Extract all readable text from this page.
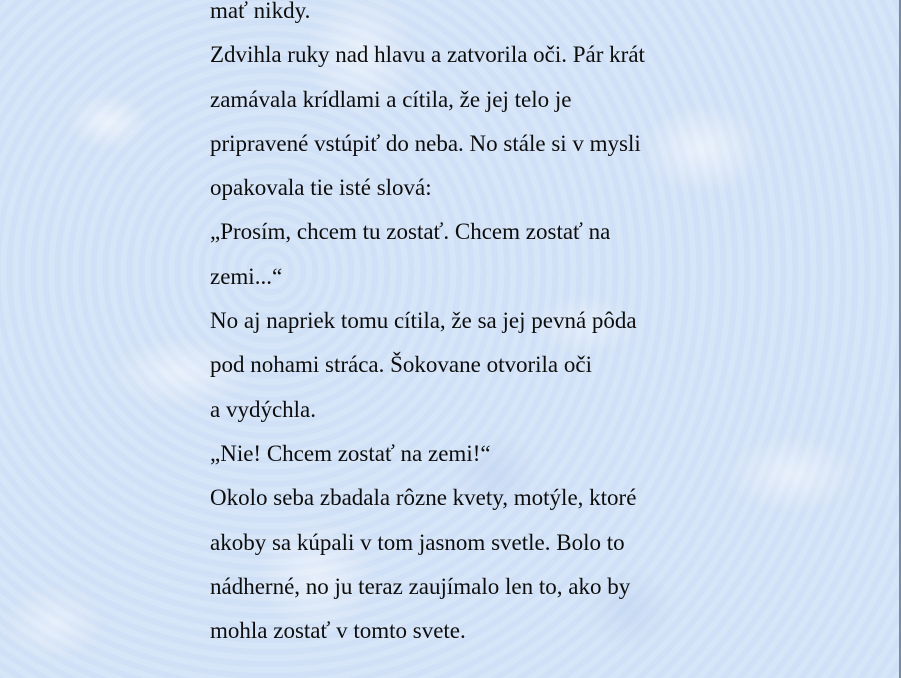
mať nikdy.
Zdvihla ruky nad hlavu a zatvorila oči. Pár krát
zamávala krídlami a cítila, že jej telo je
pripravené vstúpiť do neba. No stále si v mysli
opakovala tie isté slová:
„Prosím, chcem tu zostať. Chcem zostať na
zemi...“
No aj napriek tomu cítila, že sa jej pevná pôda
pod nohami stráca. Šokovane otvorila oči
a vydýchla.
„Nie! Chcem zostať na zemi!“
Okolo seba zbadala rôzne kvety, motýle, ktoré
akoby sa kúpali v tom jasnom svetle. Bolo to
nádherné, no ju teraz zaujímalo len to, ako by
mohla zostať v tomto svete.
